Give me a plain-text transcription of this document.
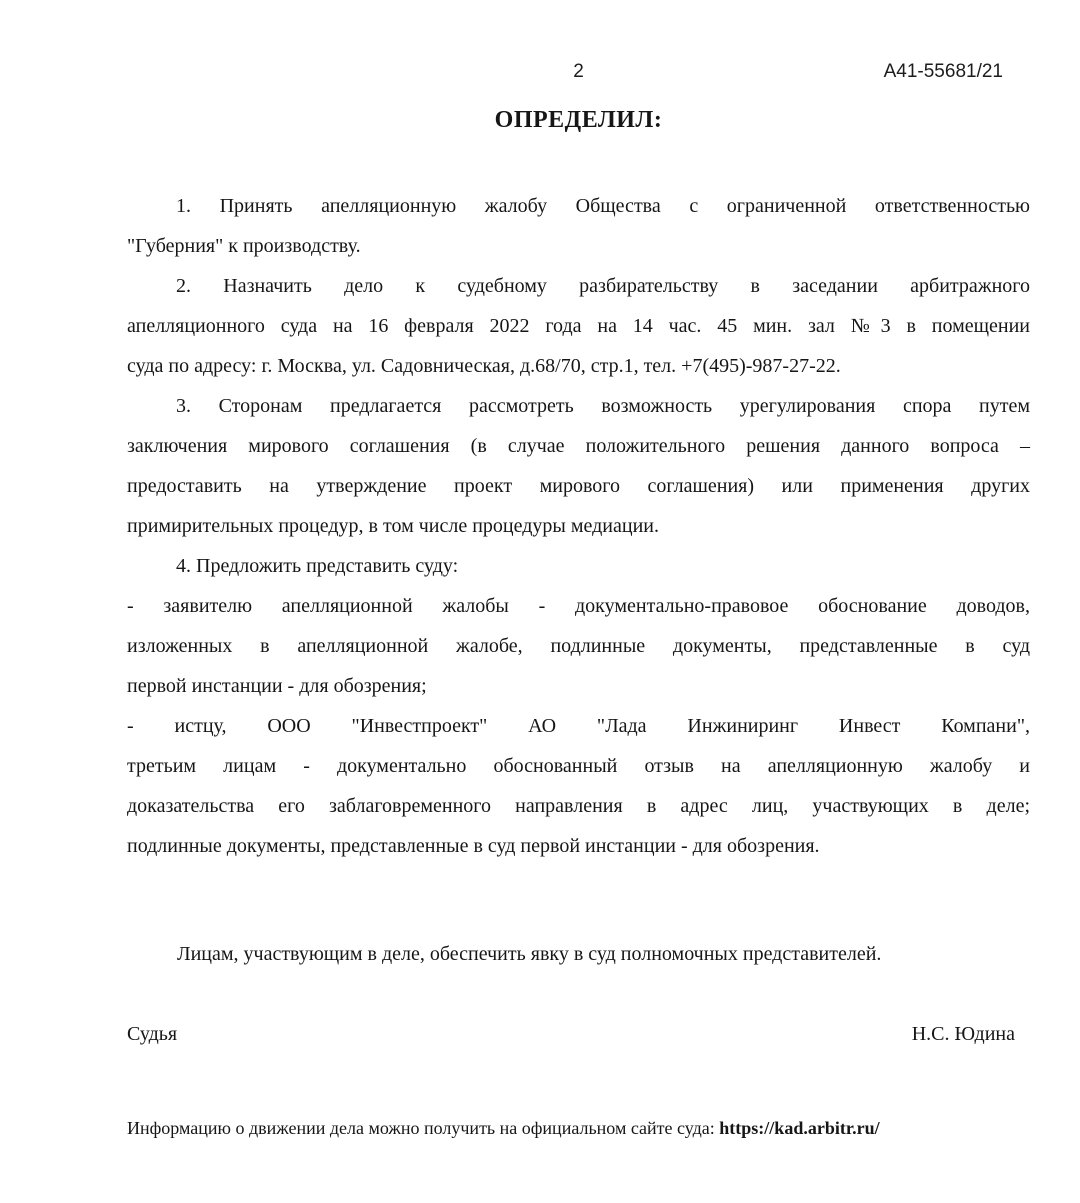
2	А41-55681/21
ОПРЕДЕЛИЛ:
1. Принять апелляционную жалобу Общества с ограниченной ответственностью
"Губерния" к производству.
2. Назначить дело к судебному разбирательству в заседании арбитражного
апелляционного суда на 16 февраля 2022 года на 14 час. 45 мин. зал №3 в помещении
суда по адресу: г. Москва, ул. Садовническая, д.68/70, стр.1, тел. +7(495)-987-27-22.
3. Сторонам предлагается рассмотреть возможность урегулирования спора путем
заключения мирового соглашения (в случае положительного решения данного вопроса –
предоставить на утверждение проект мирового соглашения) или применения других
примирительных процедур, в том числе процедуры медиации.
4. Предложить представить суду:
- заявителю апелляционной жалобы - документально-правовое обоснование доводов,
изложенных в апелляционной жалобе, подлинные документы, представленные в суд
первой инстанции - для обозрения;
- истцу, ООО "Инвестпроект" АО "Лада Инжиниринг Инвест Компани",
третьим лицам - документально обоснованный отзыв на апелляционную жалобу и
доказательства его заблаговременного направления в адрес лиц, участвующих в деле;
подлинные документы, представленные в суд первой инстанции - для обозрения.
Лицам, участвующим в деле, обеспечить явку в суд полномочных представителей.
Судья	Н.С. Юдина
Информацию о движении дела можно получить на официальном сайте суда: https://kad.arbitr.ru/
